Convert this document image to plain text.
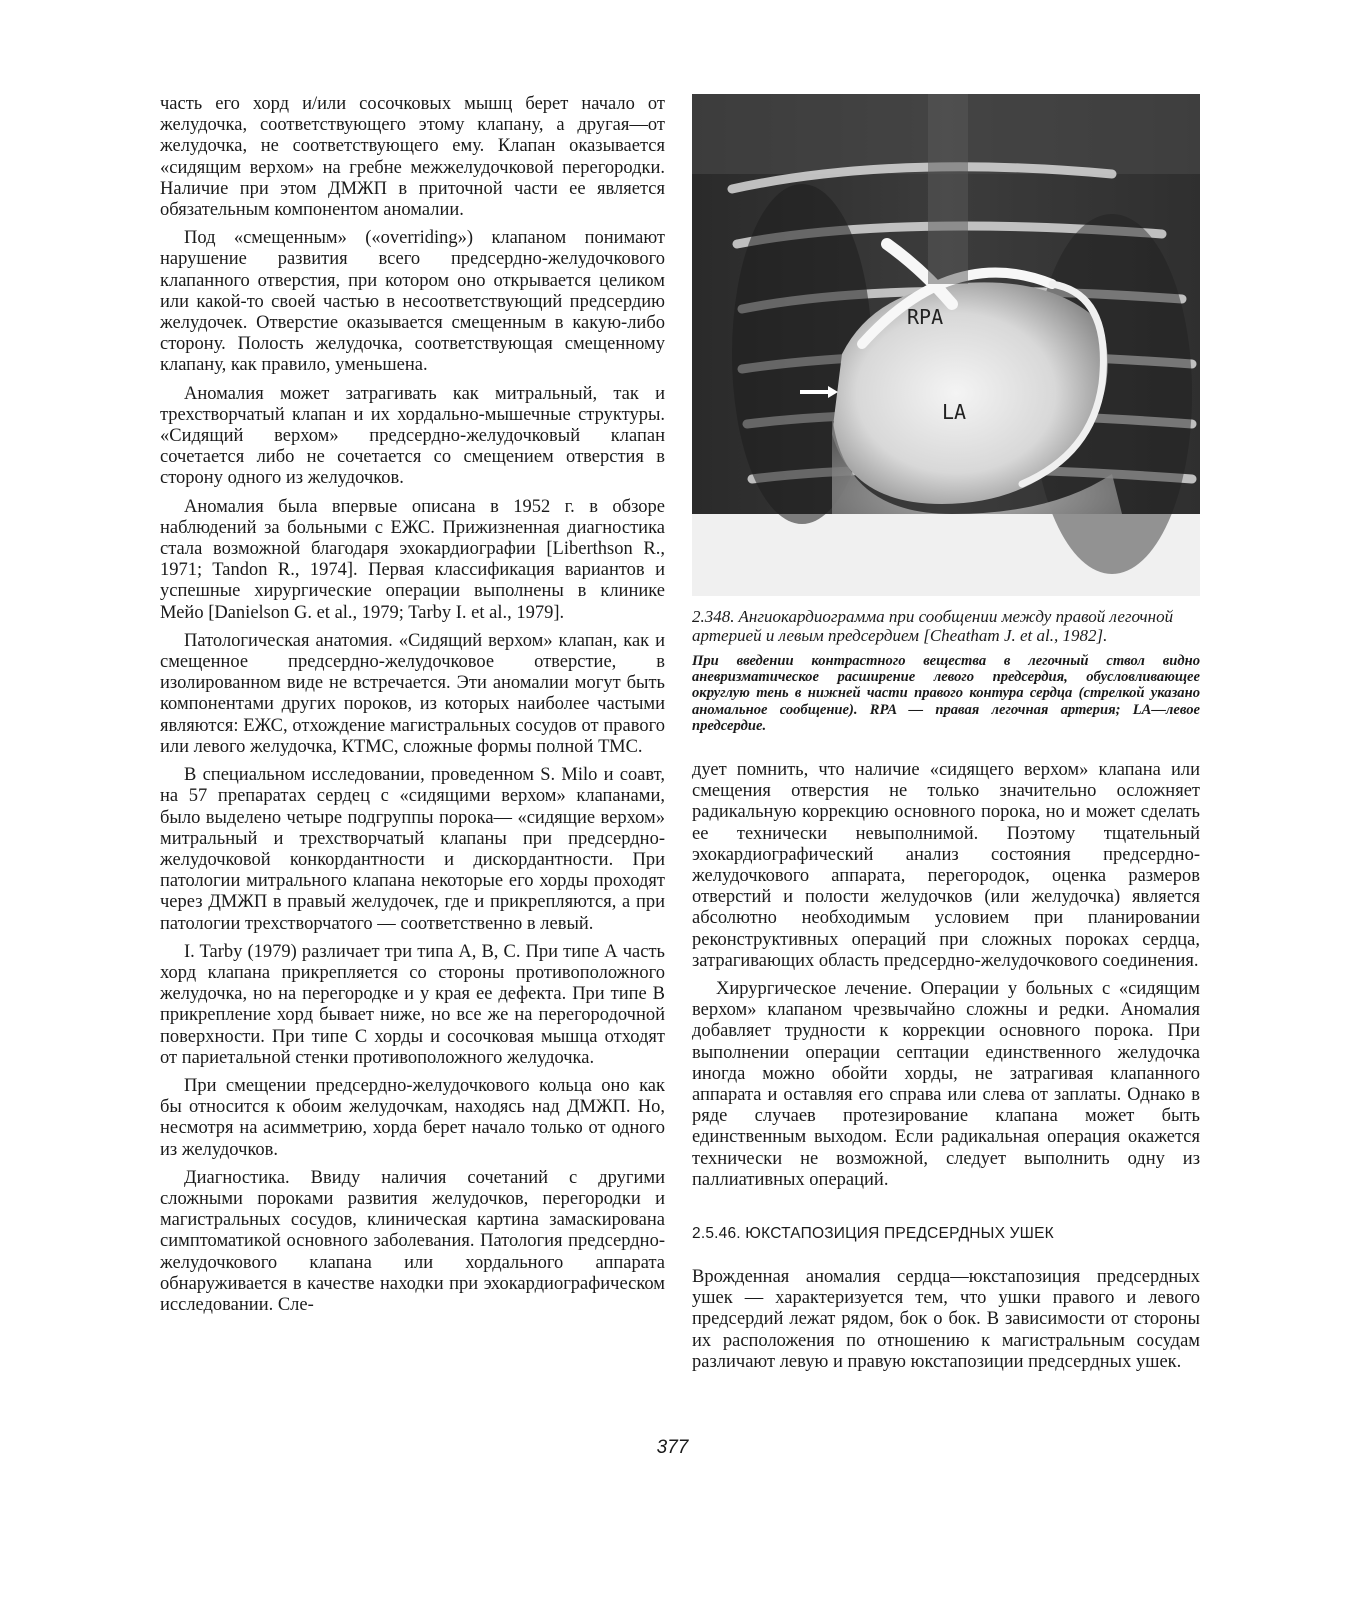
часть его хорд и/или сосочковых мышц берет начало от желудочка, соответствующего этому клапану, а другая—от желудочка, не соответствующего ему. Клапан оказывается «сидящим верхом» на гребне межжелудочковой перегородки. Наличие при этом ДМЖП в приточной части ее является обязательным компонентом аномалии.

Под «смещенным» («overriding») клапаном понимают нарушение развития всего предсердно-желудочкового клапанного отверстия, при котором оно открывается целиком или какой-то своей частью в несоответствующий предсердию желудочек. Отверстие оказывается смещенным в какую-либо сторону. Полость желудочка, соответствующая смещенному клапану, как правило, уменьшена.

Аномалия может затрагивать как митральный, так и трехстворчатый клапан и их хордально-мышечные структуры. «Сидящий верхом» предсердно-желудочковый клапан сочетается либо не сочетается со смещением отверстия в сторону одного из желудочков.

Аномалия была впервые описана в 1952 г. в обзоре наблюдений за больными с ЕЖС. Прижизненная диагностика стала возможной благодаря эхокардиографии [Liberthson R., 1971; Tandon R., 1974]. Первая классификация вариантов и успешные хирургические операции выполнены в клинике Мейо [Danielson G. et al., 1979; Tarby I. et al., 1979].

Патологическая анатомия. «Сидящий верхом» клапан, как и смещенное предсердно-желудочковое отверстие, в изолированном виде не встречается. Эти аномалии могут быть компонентами других пороков, из которых наиболее частыми являются: ЕЖС, отхождение магистральных сосудов от правого или левого желудочка, КТМС, сложные формы полной ТМС.

В специальном исследовании, проведенном S. Milo и соавт, на 57 препаратах сердец с «сидящими верхом» клапанами, было выделено четыре подгруппы порока— «сидящие верхом» митральный и трехстворчатый клапаны при предсердно-желудочковой конкордантности и дискордантности. При патологии митрального клапана некоторые его хорды проходят через ДМЖП в правый желудочек, где и прикрепляются, а при патологии трехстворчатого — соответственно в левый.

I. Tarby (1979) различает три типа А, В, С. При типе А часть хорд клапана прикрепляется со стороны противоположного желудочка, но на перегородке и у края ее дефекта. При типе В прикрепление хорд бывает ниже, но все же на перегородочной поверхности. При типе С хорды и сосочковая мышца отходят от париетальной стенки противоположного желудочка.

При смещении предсердно-желудочкового кольца оно как бы относится к обоим желудочкам, находясь над ДМЖП. Но, несмотря на асимметрию, хорда берет начало только от одного из желудочков.

Диагностика. Ввиду наличия сочетаний с другими сложными пороками развития желудочков, перегородки и магистральных сосудов, клиническая картина замаскирована симптоматикой основного заболевания. Патология предсердно-желудочкового клапана или хордального аппарата обнаруживается в качестве находки при эхокардиографическом исследовании. Сле-

RPA
LA

2.348. Ангиокардиограмма при сообщении между правой легочной артерией и левым предсердием [Cheatham J. et al., 1982].

При введении контрастного вещества в легочный ствол видно аневризматическое расширение левого предсердия, обусловливающее округлую тень в нижней части правого контура сердца (стрелкой указано аномальное сообщение). RPA — правая легочная артерия; LA—левое предсердие.

дует помнить, что наличие «сидящего верхом» клапана или смещения отверстия не только значительно осложняет радикальную коррекцию основного порока, но и может сделать ее технически невыполнимой. Поэтому тщательный эхокардиографический анализ состояния предсердно-желудочкового аппарата, перегородок, оценка размеров отверстий и полости желудочков (или желудочка) является абсолютно необходимым условием при планировании реконструктивных операций при сложных пороках сердца, затрагивающих область предсердно-желудочкового соединения.

Хирургическое лечение. Операции у больных с «сидящим верхом» клапаном чрезвычайно сложны и редки. Аномалия добавляет трудности к коррекции основного порока. При выполнении операции септации единственного желудочка иногда можно обойти хорды, не затрагивая клапанного аппарата и оставляя его справа или слева от заплаты. Однако в ряде случаев протезирование клапана может быть единственным выходом. Если радикальная операция окажется технически не возможной, следует выполнить одну из паллиативных операций.

2.5.46. ЮКСТАПОЗИЦИЯ ПРЕДСЕРДНЫХ УШЕК

Врожденная аномалия сердца—юкстапозиция предсердных ушек — характеризуется тем, что ушки правого и левого предсердий лежат рядом, бок о бок. В зависимости от стороны их расположения по отношению к магистральным сосудам различают левую и правую юкстапозиции предсердных ушек.

377
